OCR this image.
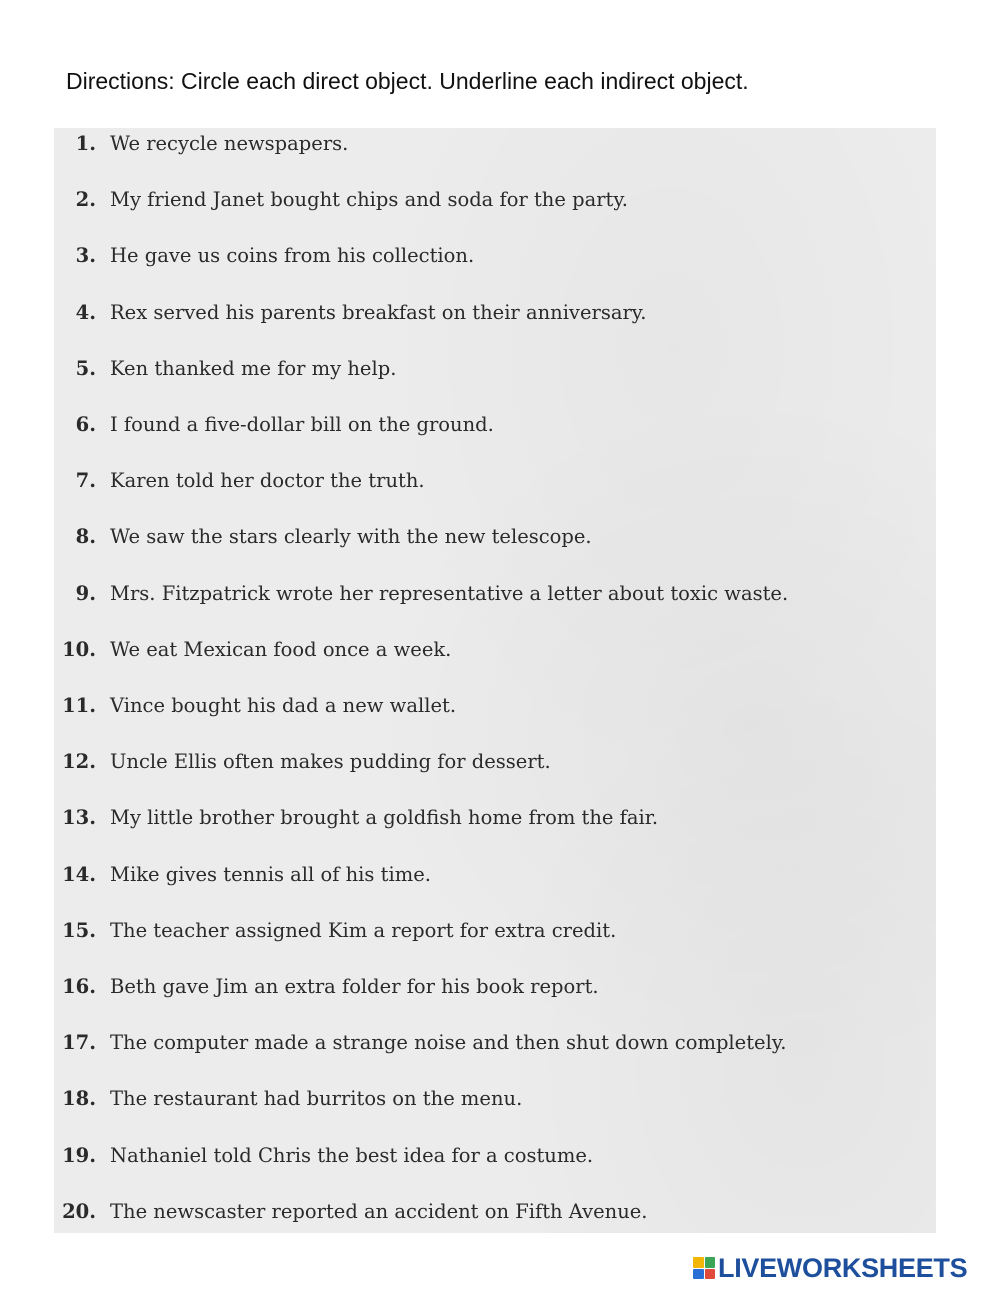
Directions: Circle each direct object. Underline each indirect object.
1. We recycle newspapers.
2. My friend Janet bought chips and soda for the party.
3. He gave us coins from his collection.
4. Rex served his parents breakfast on their anniversary.
5. Ken thanked me for my help.
6. I found a five-dollar bill on the ground.
7. Karen told her doctor the truth.
8. We saw the stars clearly with the new telescope.
9. Mrs. Fitzpatrick wrote her representative a letter about toxic waste.
10. We eat Mexican food once a week.
11. Vince bought his dad a new wallet.
12. Uncle Ellis often makes pudding for dessert.
13. My little brother brought a goldfish home from the fair.
14. Mike gives tennis all of his time.
15. The teacher assigned Kim a report for extra credit.
16. Beth gave Jim an extra folder for his book report.
17. The computer made a strange noise and then shut down completely.
18. The restaurant had burritos on the menu.
19. Nathaniel told Chris the best idea for a costume.
20. The newscaster reported an accident on Fifth Avenue.
LIVEWORKSHEETS
